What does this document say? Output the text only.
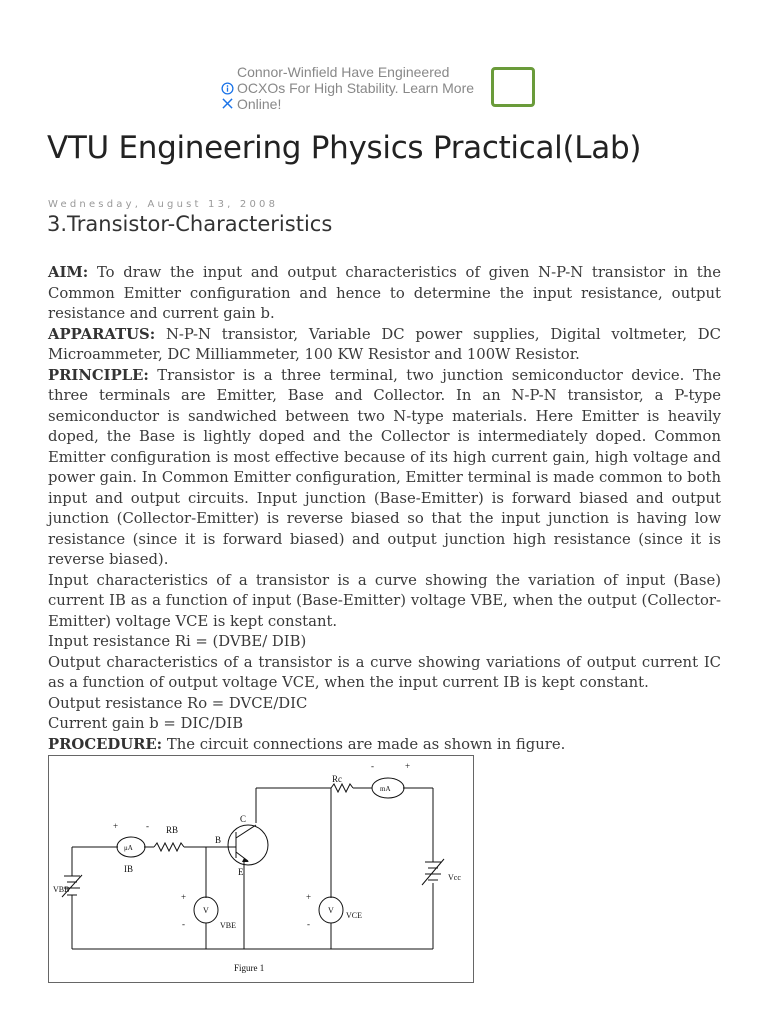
Connor-Winfield Have Engineered OCXOs For High Stability. Learn More Online!
VTU Engineering Physics Practical(Lab)
Wednesday, August 13, 2008
3.Transistor-Characteristics

AIM: To draw the input and output characteristics of given N-P-N transistor in the Common Emitter configuration and hence to determine the input resistance, output resistance and current gain b.

APPARATUS: N-P-N transistor, Variable DC power supplies, Digital voltmeter, DC Microammeter, DC Milliammeter, 100 KW Resistor and 100W Resistor.

PRINCIPLE: Transistor is a three terminal, two junction semiconductor device. The three terminals are Emitter, Base and Collector. In an N-P-N transistor, a P-type semiconductor is sandwiched between two N-type materials. Here Emitter is heavily doped, the Base is lightly doped and the Collector is intermediately doped. Common Emitter configuration is most effective because of its high current gain, high voltage and power gain. In Common Emitter configuration, Emitter terminal is made common to both input and output circuits. Input junction (Base-Emitter) is forward biased and output junction (Collector-Emitter) is reverse biased so that the input junction is having low resistance (since it is forward biased) and output junction high resistance (since it is reverse biased).

Input characteristics of a transistor is a curve showing the variation of input (Base) current IB as a function of input (Base-Emitter) voltage VBE, when the output (Collector-Emitter) voltage VCE is kept constant.

Input resistance Ri = (DVBE/ DIB)

Output characteristics of a transistor is a curve showing variations of output current IC as a function of output voltage VCE, when the input current IB is kept constant.

Output resistance Ro = DVCE/DIC

Current gain b = DIC/DIB

PROCEDURE: The circuit connections are made as shown in figure.

Rc
mA
-	+
C
B
E
RB
+	-
μA
IB
VBB
Vcc
V	V
+
-
+
-
VBE
VCE
Figure 1
